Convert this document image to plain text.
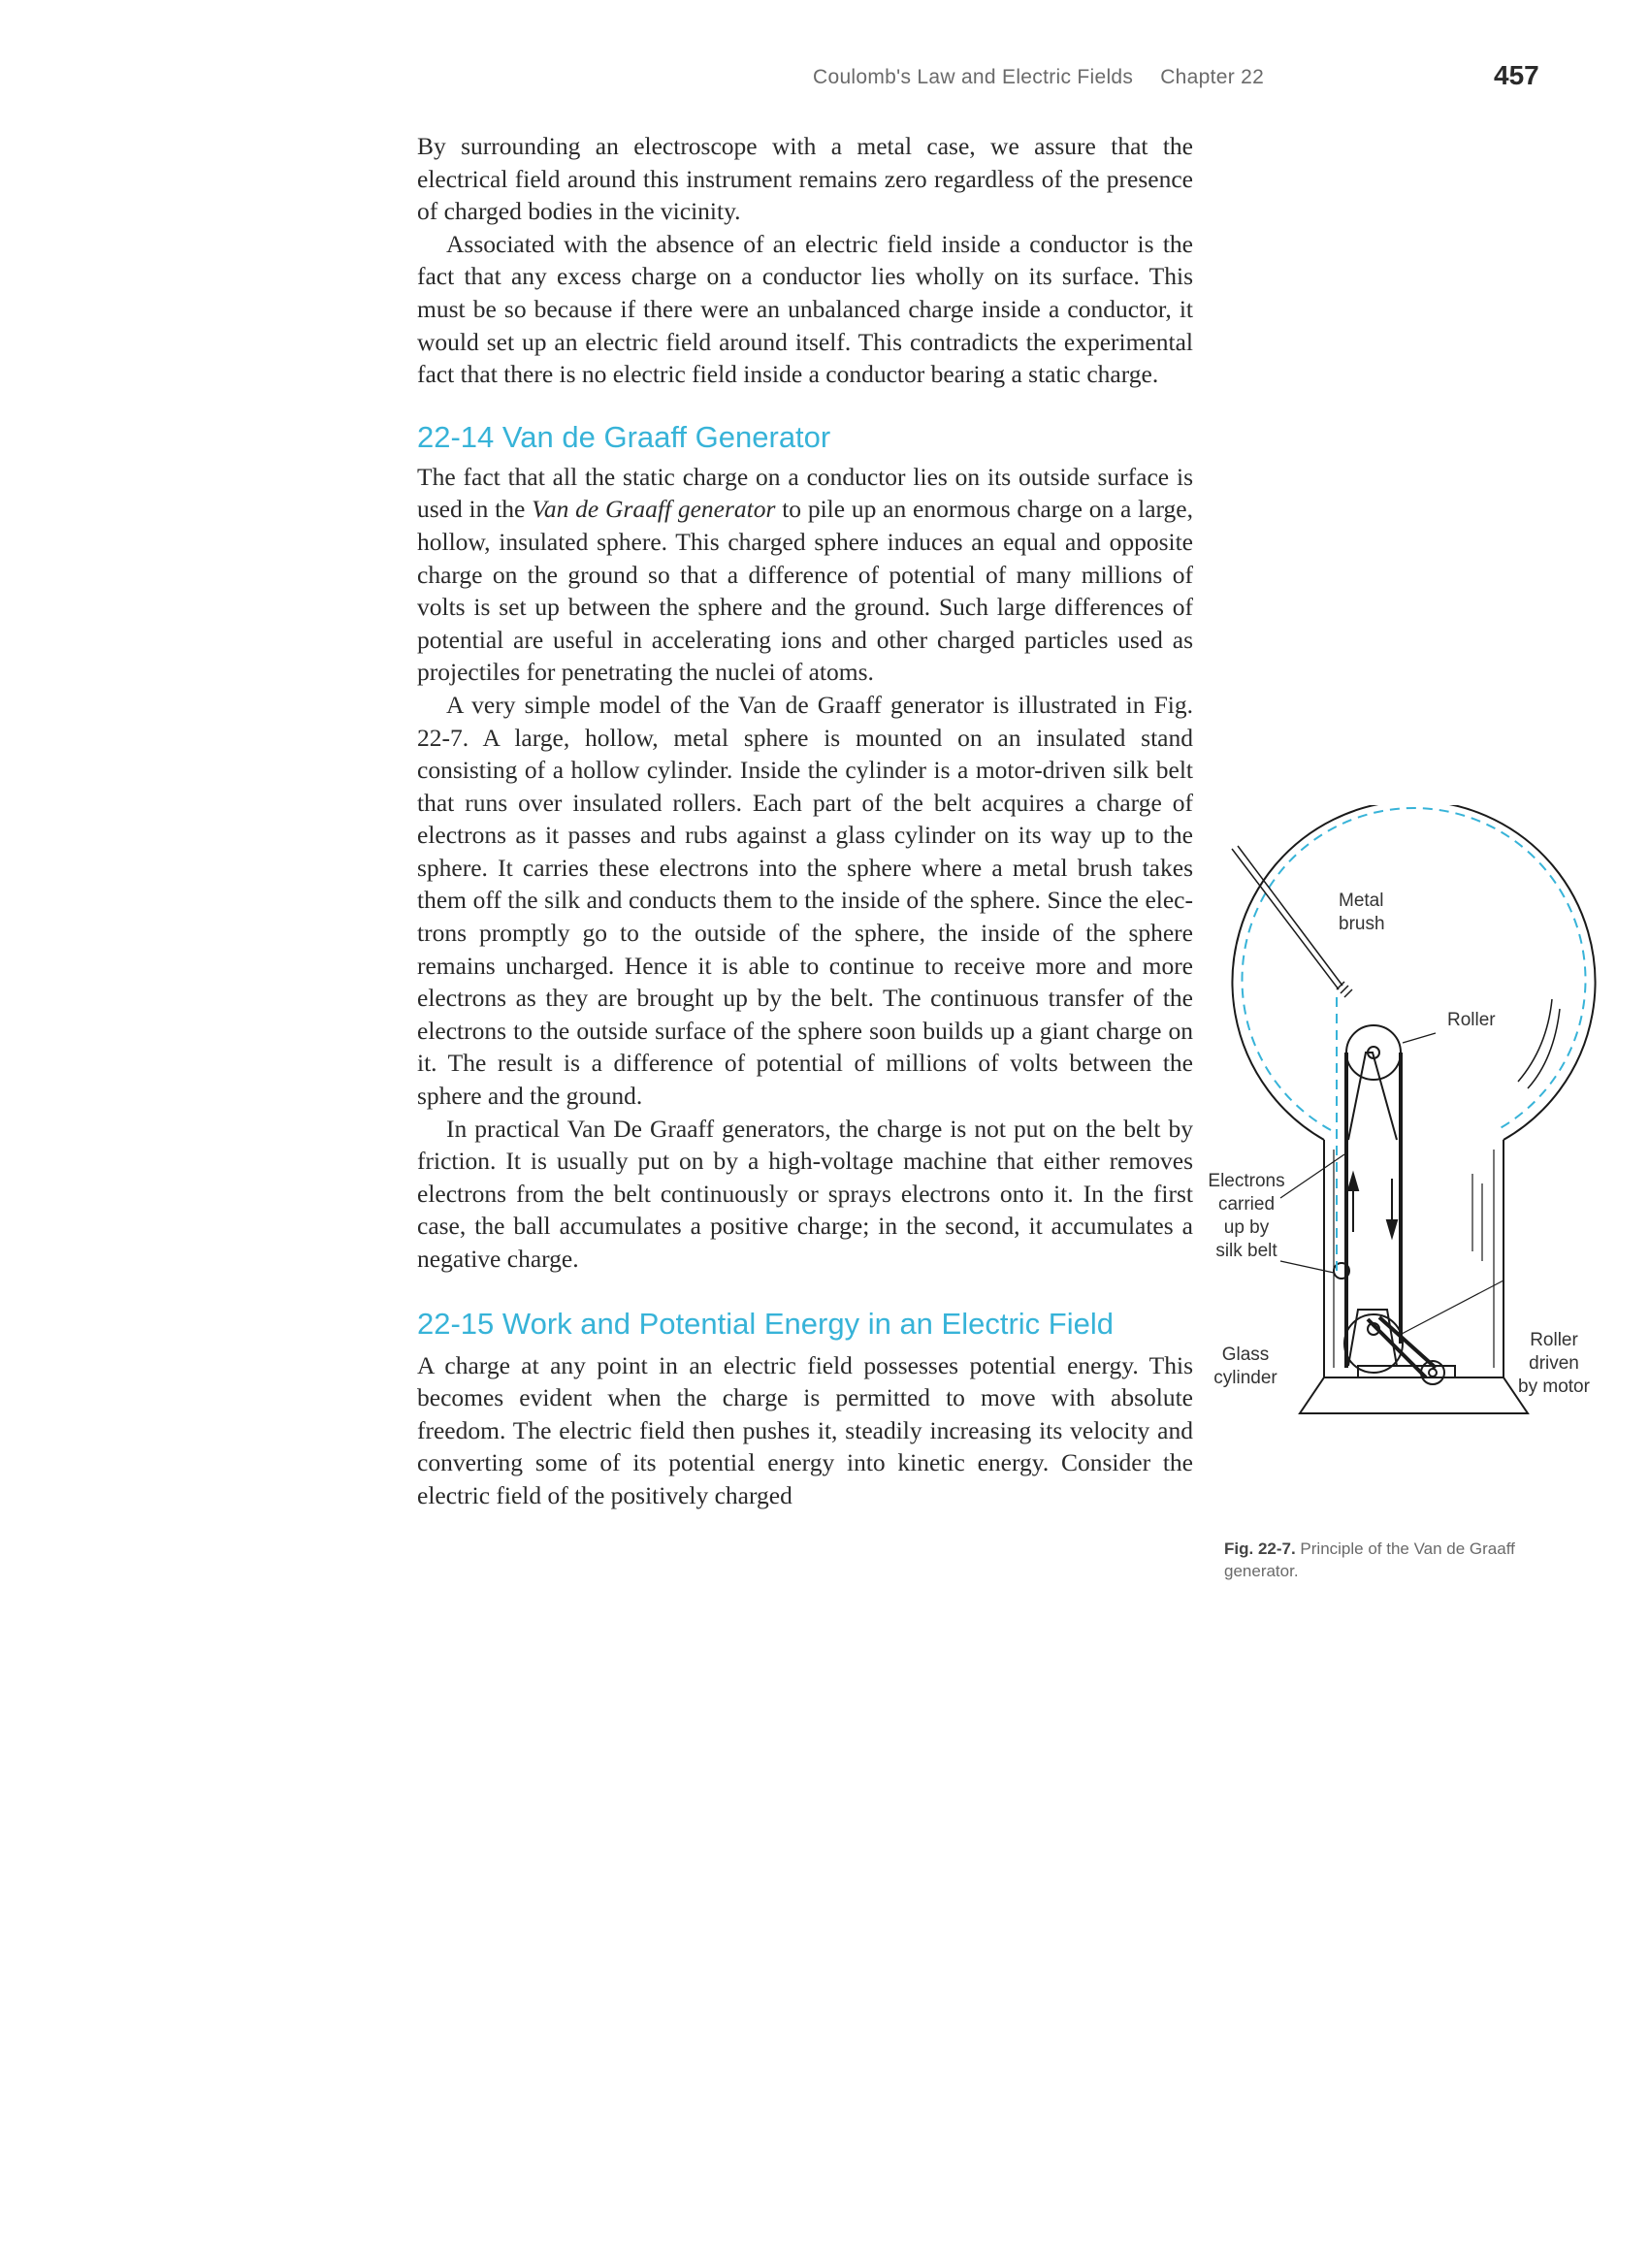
Coulomb's Law and Electric Fields Chapter 22	457

By surrounding an electroscope with a metal case, we assure that the electrical field around this instrument remains zero regardless of the presence of charged bodies in the vicinity.

Associated with the absence of an electric field inside a conductor is the fact that any excess charge on a conductor lies wholly on its surface. This must be so because if there were an unbalanced charge inside a conductor, it would set up an electric field around itself. This contradicts the experimental fact that there is no electric field inside a conductor bearing a static charge.

22-14 Van de Graaff Generator

The fact that all the static charge on a conductor lies on its outside surface is used in the Van de Graaff generator to pile up an enormous charge on a large, hollow, insulated sphere. This charged sphere induces an equal and opposite charge on the ground so that a difference of potential of many millions of volts is set up between the sphere and the ground. Such large differences of potential are useful in accelerating ions and other charged particles used as projectiles for penetrating the nuclei of atoms.

A very simple model of the Van de Graaff generator is illustrated in Fig. 22-7. A large, hollow, metal sphere is mounted on an insulated stand consisting of a hollow cylinder. Inside the cylinder is a motor-driven silk belt that runs over insulated rollers. Each part of the belt acquires a charge of electrons as it passes and rubs against a glass cylinder on its way up to the sphere. It carries these electrons into the sphere where a metal brush takes them off the silk and conducts them to the inside of the sphere. Since the electrons promptly go to the outside of the sphere, the inside of the sphere remains uncharged. Hence it is able to continue to receive more and more electrons as they are brought up by the belt. The continuous transfer of the electrons to the outside surface of the sphere soon builds up a giant charge on it. The result is a difference of potential of millions of volts between the sphere and the ground.

In practical Van De Graaff generators, the charge is not put on the belt by friction. It is usually put on by a high-voltage machine that either removes electrons from the belt continuously or sprays electrons onto it. In the first case, the ball accumulates a positive charge; in the second, it accumulates a negative charge.

22-15 Work and Potential Energy in an Electric Field

A charge at any point in an electric field possesses potential energy. This becomes evident when the charge is permitted to move with absolute freedom. The electric field then pushes it, steadily increasing its velocity and converting some of its potential energy into kinetic energy. Consider the electric field of the positively charged

Metal
brush
Roller
Electrons
carried
up by
silk belt
Glass
cylinder
Roller
driven
by motor
Fig. 22-7. Principle of the Van de Graaff generator.
